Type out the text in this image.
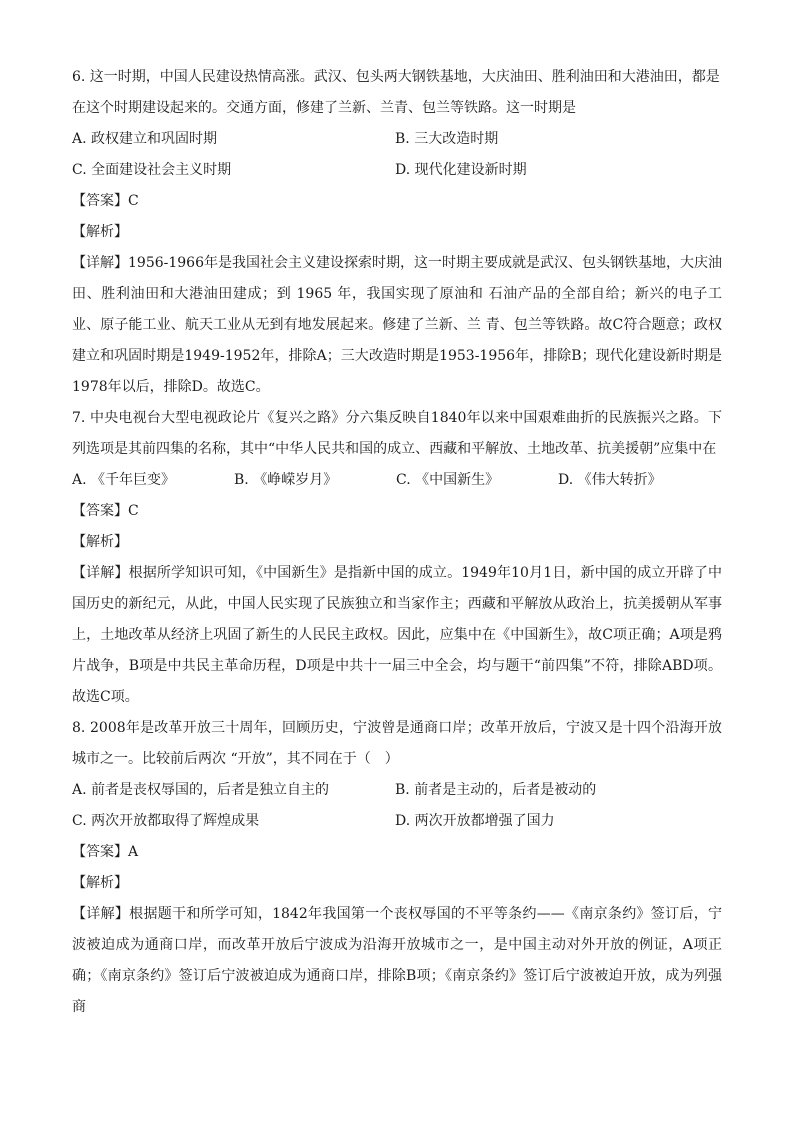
6. 这一时期，中国人民建设热情高涨。武汉、包头两大钢铁基地，大庆油田、胜利油田和大港油田，都是
在这个时期建设起来的。交通方面，修建了兰新、兰青、包兰等铁路。这一时期是
A. 政权建立和巩固时期	B. 三大改造时期
C. 全面建设社会主义时期	D. 现代化建设新时期
【答案】C
【解析】
【详解】1956-1966年是我国社会主义建设探索时期，这一时期主要成就是武汉、包头钢铁基地，大庆油田、胜利油田和大港油田建成；到 1965 年，我国实现了原油和 石油产品的全部自给；新兴的电子工业、原子能工业、航天工业从无到有地发展起来。修建了兰新、兰 青、包兰等铁路。故C符合题意；政权建立和巩固时期是1949-1952年，排除A；三大改造时期是1953-1956年，排除B；现代化建设新时期是1978年以后，排除D。故选C。
7. 中央电视台大型电视政论片《复兴之路》分六集反映自1840年以来中国艰难曲折的民族振兴之路。下列选项是其前四集的名称，其中“中华人民共和国的成立、西藏和平解放、土地改革、抗美援朝”应集中在
A. 《千年巨变》	B. 《峥嵘岁月》	C. 《中国新生》	D. 《伟大转折》
【答案】C
【解析】
【详解】根据所学知识可知，《中国新生》是指新中国的成立。1949年10月1日，新中国的成立开辟了中国历史的新纪元，从此，中国人民实现了民族独立和当家作主；西藏和平解放从政治上，抗美援朝从军事上，土地改革从经济上巩固了新生的人民民主政权。因此，应集中在《中国新生》，故C项正确；A项是鸦片战争，B项是中共民主革命历程，D项是中共十一届三中全会，均与题干“前四集”不符，排除ABD项。故选C项。
8. 2008年是改革开放三十周年，回顾历史，宁波曾是通商口岸；改革开放后，宁波又是十四个沿海开放城市之一。比较前后两次 “开放”，其不同在于（　）
A. 前者是丧权辱国的，后者是独立自主的	B. 前者是主动的，后者是被动的
C. 两次开放都取得了辉煌成果	D. 两次开放都增强了国力
【答案】A
【解析】
【详解】根据题干和所学可知，1842年我国第一个丧权辱国的不平等条约——《南京条约》签订后，宁波被迫成为通商口岸，而改革开放后宁波成为沿海开放城市之一，是中国主动对外开放的例证，A项正确；《南京条约》签订后宁波被迫成为通商口岸，排除B项；《南京条约》签订后宁波被迫开放，成为列强商
